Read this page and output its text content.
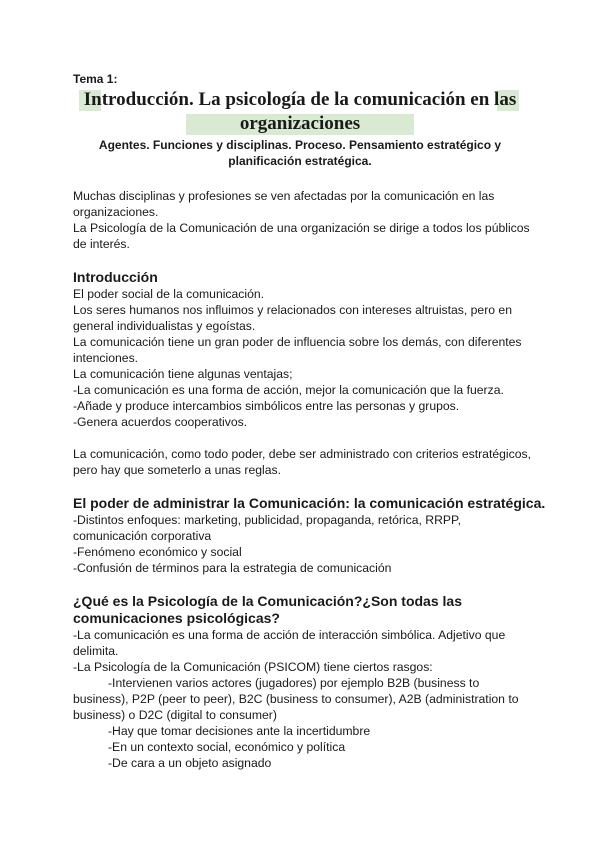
Tema 1:

Introducción. La psicología de la comunicación en las
organizaciones

Agentes. Funciones y disciplinas. Proceso. Pensamiento estratégico y

planificación estratégica.

Muchas disciplinas y profesiones se ven afectadas por la comunicación en las

organizaciones.

La Psicología de la Comunicación de una organización se dirige a todos los públicos

de interés.

Introducción

El poder social de la comunicación.

Los seres humanos nos influimos y relacionados con intereses altruistas, pero en

general individualistas y egoístas.

La comunicación tiene un gran poder de influencia sobre los demás, con diferentes

intenciones.

La comunicación tiene algunas ventajas;

-La comunicación es una forma de acción, mejor la comunicación que la fuerza.

-Añade y produce intercambios simbólicos entre las personas y grupos.

-Genera acuerdos cooperativos.

La comunicación, como todo poder, debe ser administrado con criterios estratégicos,

pero hay que someterlo a unas reglas.

El poder de administrar la Comunicación: la comunicación estratégica.

-Distintos enfoques: marketing, publicidad, propaganda, retórica, RRPP,

comunicación corporativa

-Fenómeno económico y social

-Confusión de términos para la estrategia de comunicación

¿Qué es la Psicología de la Comunicación?¿Son todas las
comunicaciones psicológicas?

-La comunicación es una forma de acción de interacción simbólica. Adjetivo que

delimita.

-La Psicología de la Comunicación (PSICOM) tiene ciertos rasgos:

-Intervienen varios actores (jugadores) por ejemplo B2B (business to

business), P2P (peer to peer), B2C (business to consumer), A2B (administration to

business) o D2C (digital to consumer)

-Hay que tomar decisiones ante la incertidumbre

-En un contexto social, económico y política

-De cara a un objeto asignado
